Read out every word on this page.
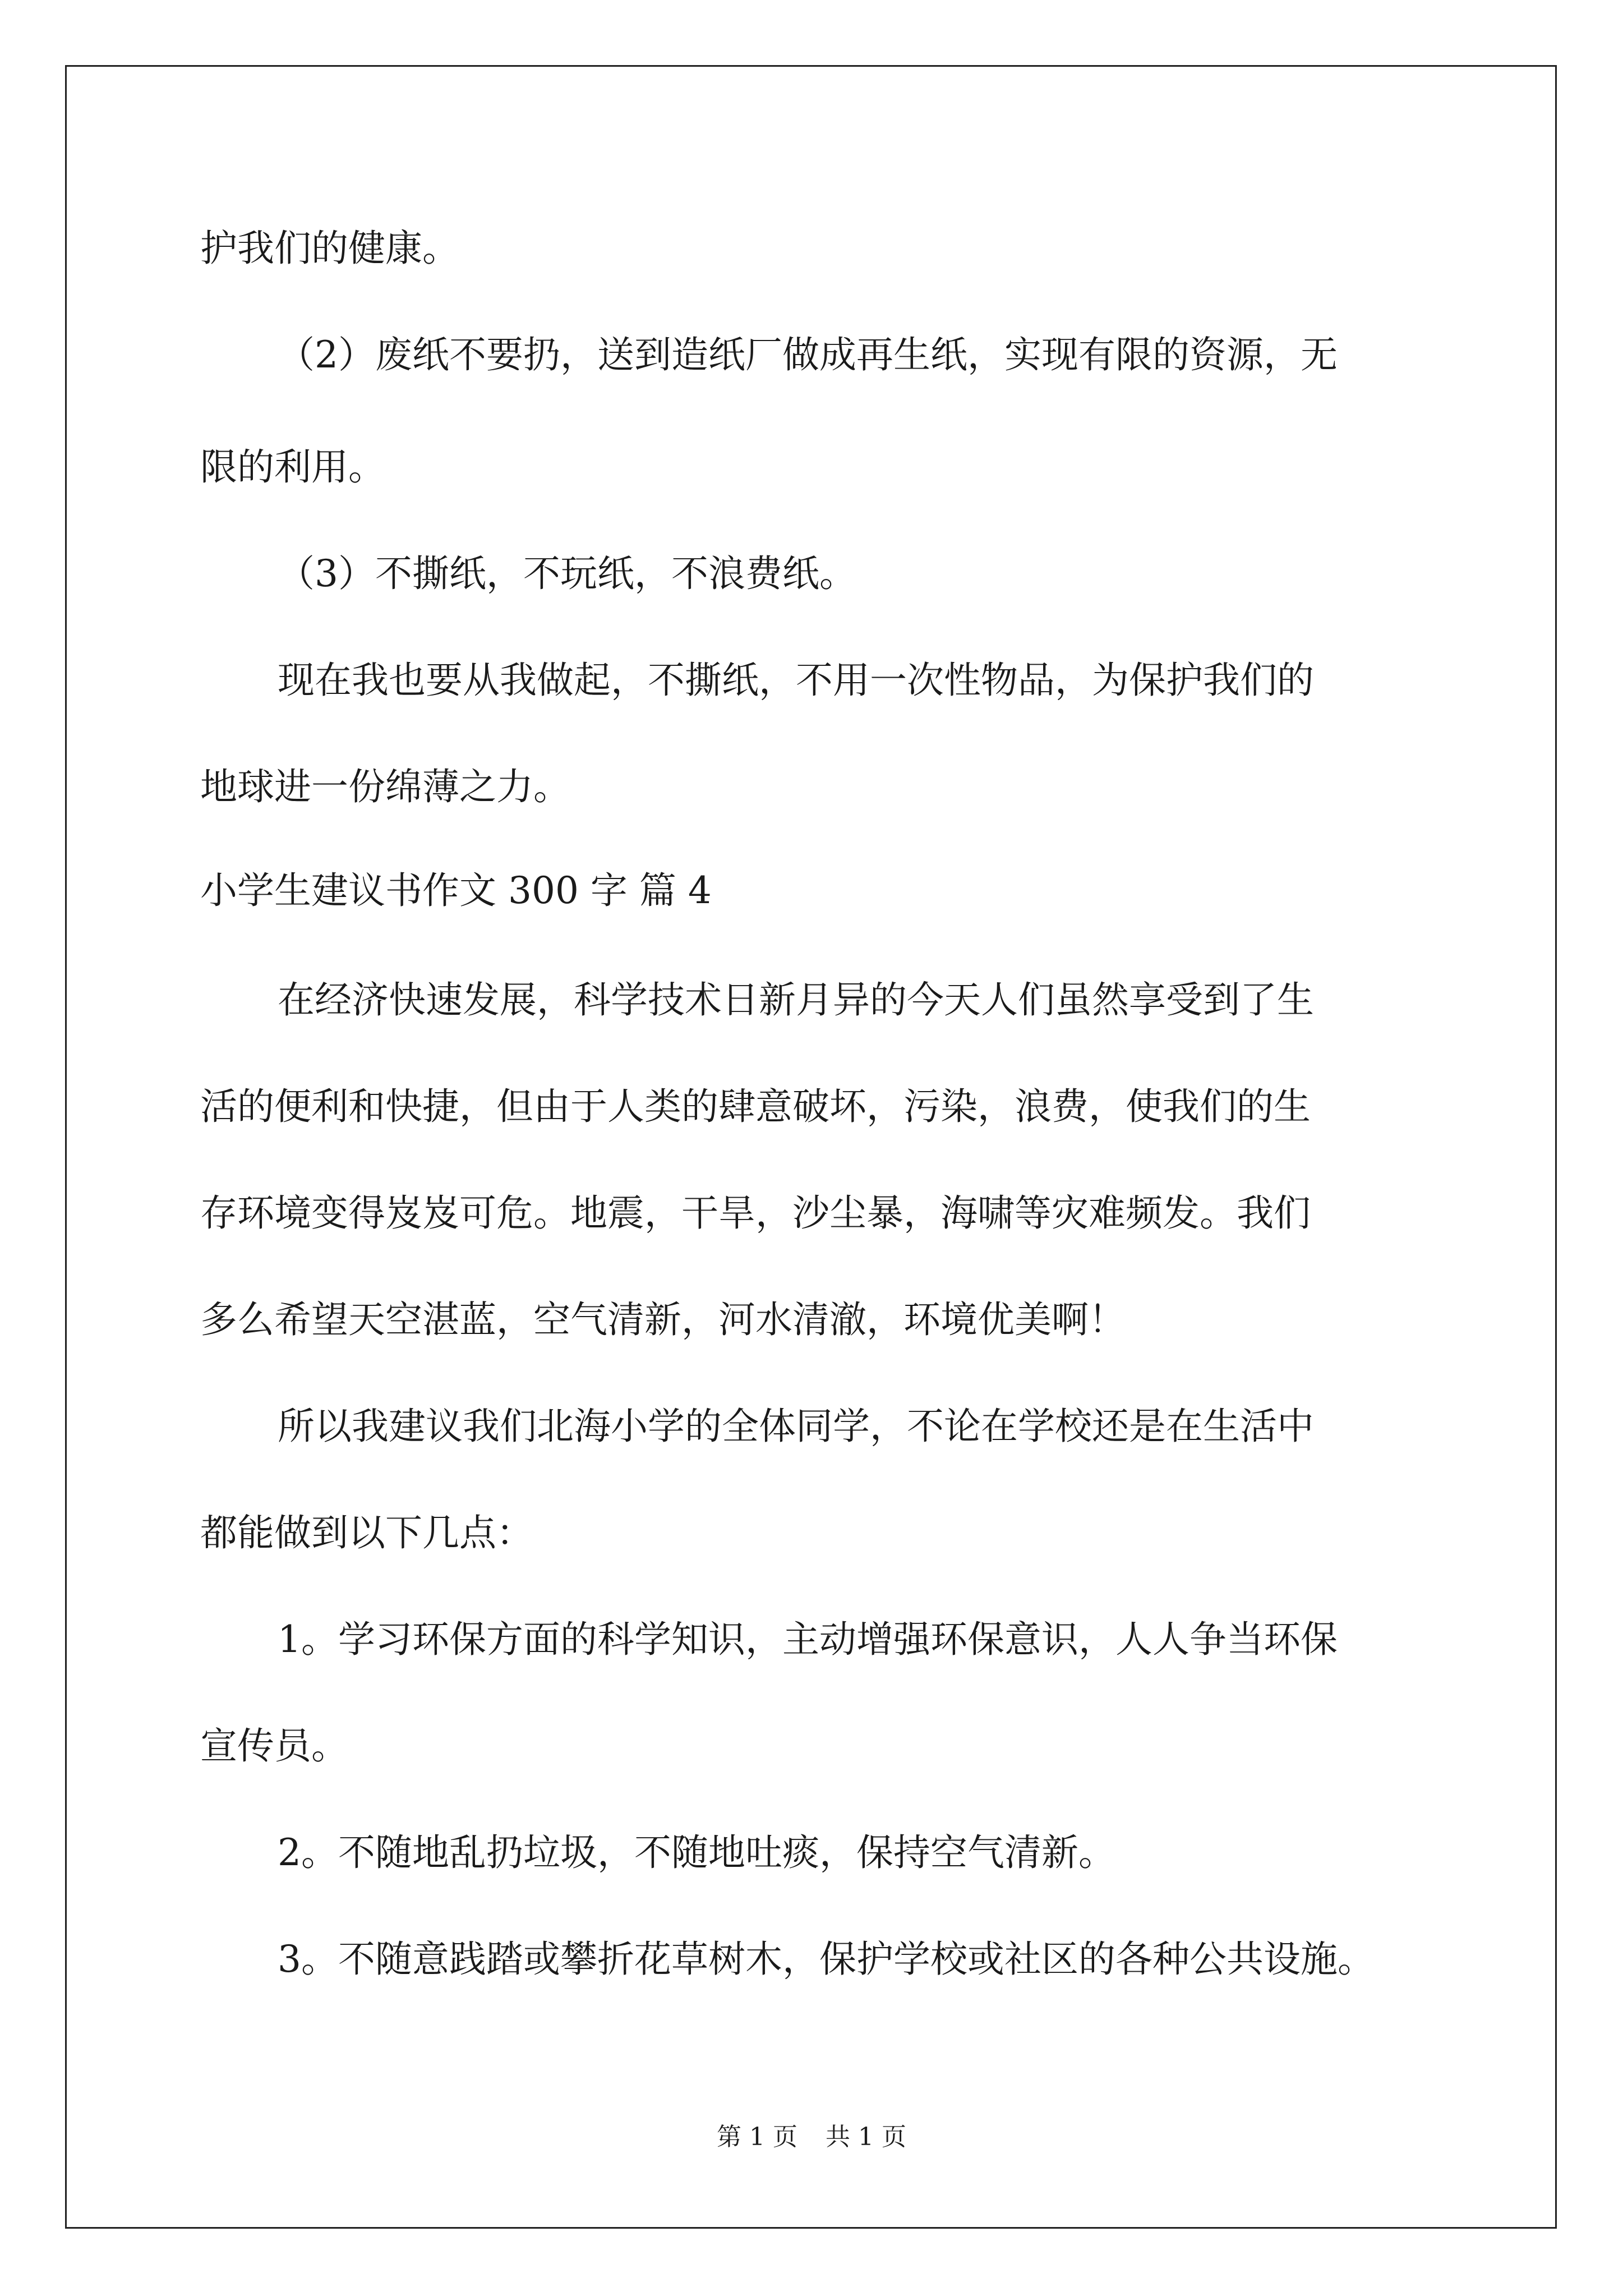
护我们的健康。
（2）废纸不要扔，送到造纸厂做成再生纸，实现有限的资源，无
限的利用。
（3）不撕纸，不玩纸，不浪费纸。
现在我也要从我做起，不撕纸，不用一次性物品，为保护我们的
地球进一份绵薄之力。
小学生建议书作文 300 字 篇 4
在经济快速发展，科学技术日新月异的今天人们虽然享受到了生
活的便利和快捷，但由于人类的肆意破坏，污染，浪费，使我们的生
存环境变得岌岌可危。地震，干旱，沙尘暴，海啸等灾难频发。我们
多么希望天空湛蓝，空气清新，河水清澈，环境优美啊！
所以我建议我们北海小学的全体同学，不论在学校还是在生活中
都能做到以下几点：
1。学习环保方面的科学知识，主动增强环保意识，人人争当环保
宣传员。
2。不随地乱扔垃圾，不随地吐痰，保持空气清新。
3。不随意践踏或攀折花草树木，保护学校或社区的各种公共设施。
第 1 页 共 1 页
